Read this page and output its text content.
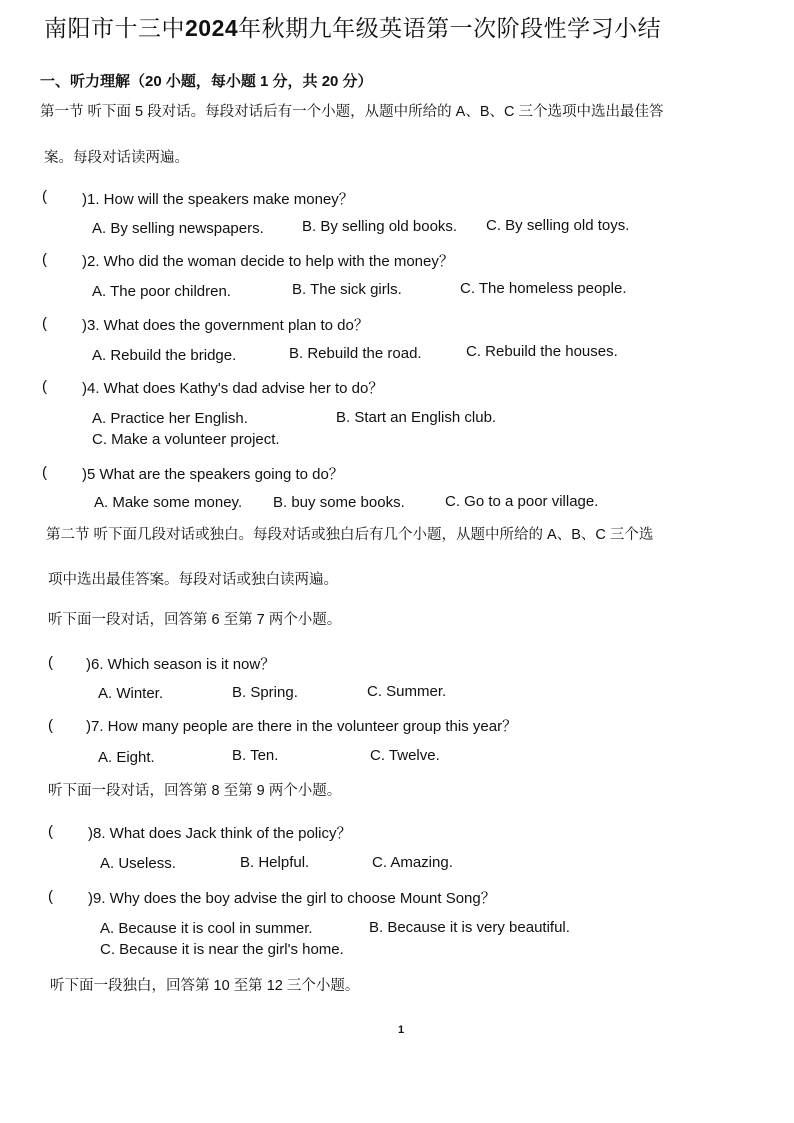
南阳市十三中2024年秋期九年级英语第一次阶段性学习小结
一、听力理解（20 小题，每小题 1 分，共 20 分）
第一节 听下面 5 段对话。每段对话后有一个小题，从题中所给的 A、B、C 三个选项中选出最佳答
案。每段对话读两遍。
( )1. How will the speakers make money？
A. By selling newspapers.	B. By selling old books. C. By selling old toys.
( )2. Who did the woman decide to help with the money？
A. The poor children.	B. The sick girls.	C. The homeless people.
( )3. What does the government plan to do？
A. Rebuild the bridge.	B. Rebuild the road.	C. Rebuild the houses.
( )4. What does Kathy's dad advise her to do？
A. Practice her English.	B. Start an English club.
C. Make a volunteer project.
( )5 What are the speakers going to do？
A. Make some money. B. buy some books.	C. Go to a poor village.
第二节 听下面几段对话或独白。每段对话或独白后有几个小题，从题中所给的 A、B、C 三个选
项中选出最佳答案。每段对话或独白读两遍。
听下面一段对话，回答第 6 至第 7 两个小题。
( )6. Which season is it now？
A. Winter.	B. Spring.	C. Summer.
( )7. How many people are there in the volunteer group this year？
A. Eight.	B. Ten.	C. Twelve.
听下面一段对话，回答第 8 至第 9 两个小题。
( )8. What does Jack think of the policy？
A. Useless.	B. Helpful.	C. Amazing.
( )9. Why does the boy advise the girl to choose Mount Song？
A. Because it is cool in summer.	B. Because it is very beautiful.
C. Because it is near the girl's home.
听下面一段独白，回答第 10 至第 12 三个小题。
1
